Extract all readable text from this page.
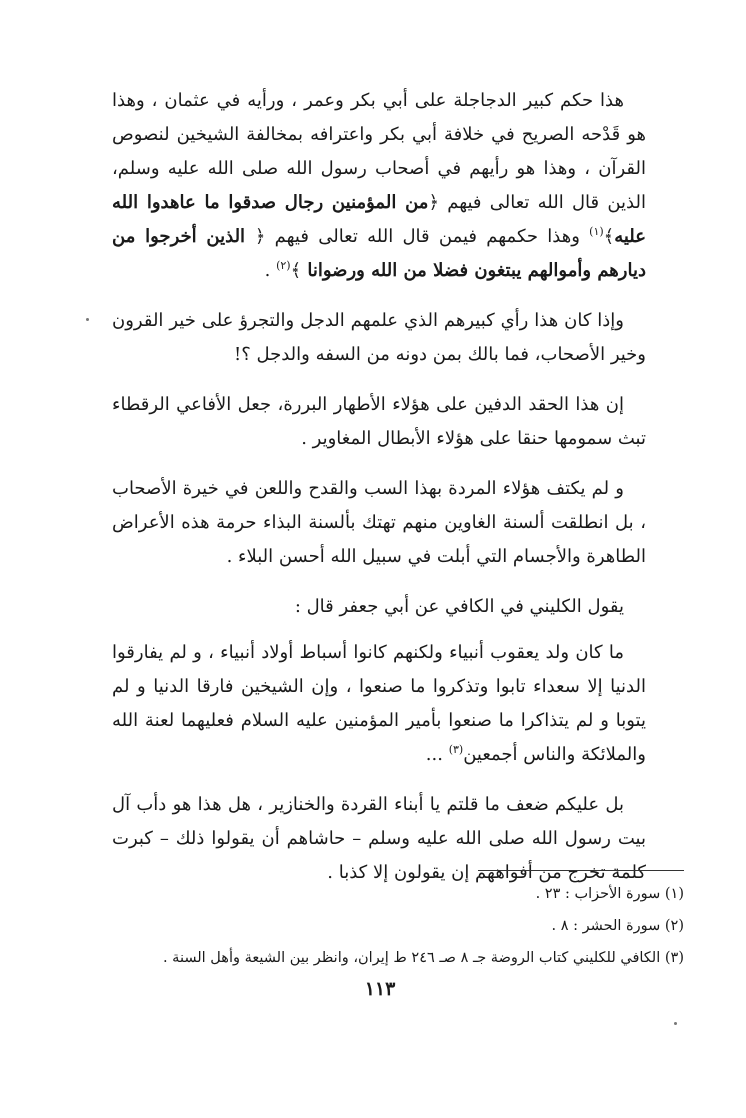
هذا حكم كبير الدجاجلة على أبي بكر وعمر ، ورأيه في عثمان ، وهذا هو قَدْحه الصريح في خلافة أبي بكر واعترافه بمخالفة الشيخين لنصوص القرآن ، وهذا هو رأيهم في أصحاب رسول الله صلى الله عليه وسلم، الذين قال الله تعالى فيهم ﴿من المؤمنين رجال صدقوا ما عاهدوا الله عليه﴾$^{(١)}$ وهذا حكمهم فيمن قال الله تعالى فيهم ﴿ الذين أخرجوا من ديارهم وأموالهم يبتغون فضلا من الله ورضوانا ﴾$^{(٢)}$ .

وإذا كان هذا رأي كبيرهم الذي علمهم الدجل والتجرؤ على خير القرون وخير الأصحاب، فما بالك بمن دونه من السفه والدجل ؟!

إن هذا الحقد الدفين على هؤلاء الأطهار البررة، جعل الأفاعي الرقطاء تبث سمومها حنقا على هؤلاء الأبطال المغاوير .

و لم يكتف هؤلاء المردة بهذا السب والقدح واللعن في خيرة الأصحاب ، بل انطلقت ألسنة الغاوين منهم تهتك بألسنة البذاء حرمة هذه الأعراض الطاهرة والأجسام التي أبلت في سبيل الله أحسن البلاء .

يقول الكليني في الكافي عن أبي جعفر قال :

ما كان ولد يعقوب أنبياء ولكنهم كانوا أسباط أولاد أنبياء ، و لم يفارقوا الدنيا إلا سعداء تابوا وتذكروا ما صنعوا ، وإن الشيخين فارقا الدنيا و لم يتوبا و لم يتذاكرا ما صنعوا بأمير المؤمنين عليه السلام فعليهما لعنة الله والملائكة والناس أجمعين$^{(٣)}$ ...

بل عليكم ضعف ما قلتم يا أبناء القردة والخنازير ، هل هذا هو دأب آل بيت رسول الله صلى الله عليه وسلم – حاشاهم أن يقولوا ذلك – كبرت كلمة تخرج من أفواههم إن يقولون إلا كذبا .

(١) سورة الأحزاب : ٢٣ .

(٢) سورة الحشر : ٨ .

(٣) الكافي للكليني كتاب الروضة جـ ٨ صـ ٢٤٦ ط إيران، وانظر بين الشيعة وأهل السنة .

١١٣
